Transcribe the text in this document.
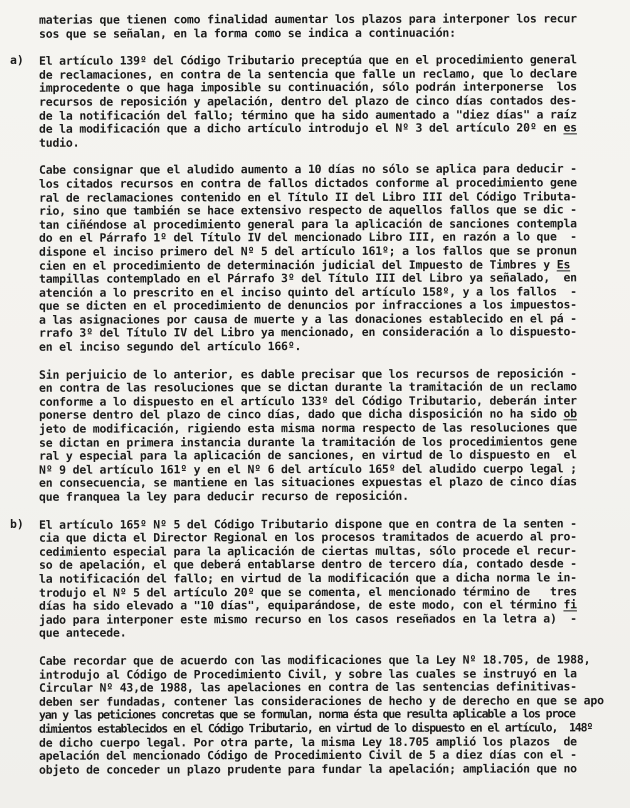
materias que tienen como finalidad aumentar los plazos para interponer los recur
sos que se señalan, en la forma como se indica a continuación:
a) El artículo 139º del Código Tributario preceptúa que en el procedimiento general
de reclamaciones, en contra de la sentencia que falle un reclamo, que lo declare
improcedente o que haga imposible su continuación, sólo podrán interponerse  los
recursos de reposición y apelación, dentro del plazo de cinco días contados des-
de la notificación del fallo; término que ha sido aumentado a "diez días" a raíz
de la modificación que a dicho artículo introdujo el Nº 3 del artículo 20º en es
tudio.
Cabe consignar que el aludido aumento a 10 días no sólo se aplica para deducir -
los citados recursos en contra de fallos dictados conforme al procedimiento gene
ral de reclamaciones contenido en el Título II del Libro III del Código Tributa-
rio, sino que también se hace extensivo respecto de aquellos fallos que se dic -
tan ciñéndose al procedimiento general para la aplicación de sanciones contempla
do en el Párrafo 1º del Título IV del mencionado Libro III, en razón a lo que  -
dispone el inciso primero del Nº 5 del artículo 161º; a los fallos que se pronun
cien en el procedimiento de determinación judicial del Impuesto de Timbres y Es
tampillas contemplado en el Párrafo 3º del Título III del Libro ya señalado,  en
atención a lo prescrito en el inciso quinto del artículo 158º, y a los fallos  -
que se dicten en el procedimiento de denuncios por infracciones a los impuestos-
a las asignaciones por causa de muerte y a las donaciones establecido en el pá -
rrafo 3º del Título IV del Libro ya mencionado, en consideración a lo dispuesto-
en el inciso segundo del artículo 166º.
Sin perjuicio de lo anterior, es dable precisar que los recursos de reposición -
en contra de las resoluciones que se dictan durante la tramitación de un reclamo
conforme a lo dispuesto en el artículo 133º del Código Tributario, deberán inter
ponerse dentro del plazo de cinco días, dado que dicha disposición no ha sido ob
jeto de modificación, rigiendo esta misma norma respecto de las resoluciones que
se dictan en primera instancia durante la tramitación de los procedimientos gene
ral y especial para la aplicación de sanciones, en virtud de lo dispuesto en  el
Nº 9 del artículo 161º y en el Nº 6 del artículo 165º del aludido cuerpo legal ;
en consecuencia, se mantiene en las situaciones expuestas el plazo de cinco días
que franquea la ley para deducir recurso de reposición.
b) El artículo 165º Nº 5 del Código Tributario dispone que en contra de la senten -
cia que dicta el Director Regional en los procesos tramitados de acuerdo al pro-
cedimiento especial para la aplicación de ciertas multas, sólo procede el recur-
so de apelación, el que deberá entablarse dentro de tercero día, contado desde -
la notificación del fallo; en virtud de la modificación que a dicha norma le in-
trodujo el Nº 5 del artículo 20º que se comenta, el mencionado término de   tres
días ha sido elevado a "10 días", equiparándose, de este modo, con el término fi
jado para interponer este mismo recurso en los casos reseñados en la letra a)  -
que antecede.
Cabe recordar que de acuerdo con las modificaciones que la Ley Nº 18.705, de 1988,
introdujo al Código de Procedimiento Civil, y sobre las cuales se instruyó en la
Circular Nº 43,de 1988, las apelaciones en contra de las sentencias definitivas-
deben ser fundadas, contener las consideraciones de hecho y de derecho en que se apo
yan y las peticiones concretas que se formulan, norma ésta que resulta aplicable a los proce
dimientos establecidos en el Código Tributario, en virtud de lo dispuesto en el artículo,  148º
de dicho cuerpo legal. Por otra parte, la misma Ley 18.705 amplió los plazos  de
apelación del mencionado Código de Procedimiento Civil de 5 a diez días con el -
objeto de conceder un plazo prudente para fundar la apelación; ampliación que no
